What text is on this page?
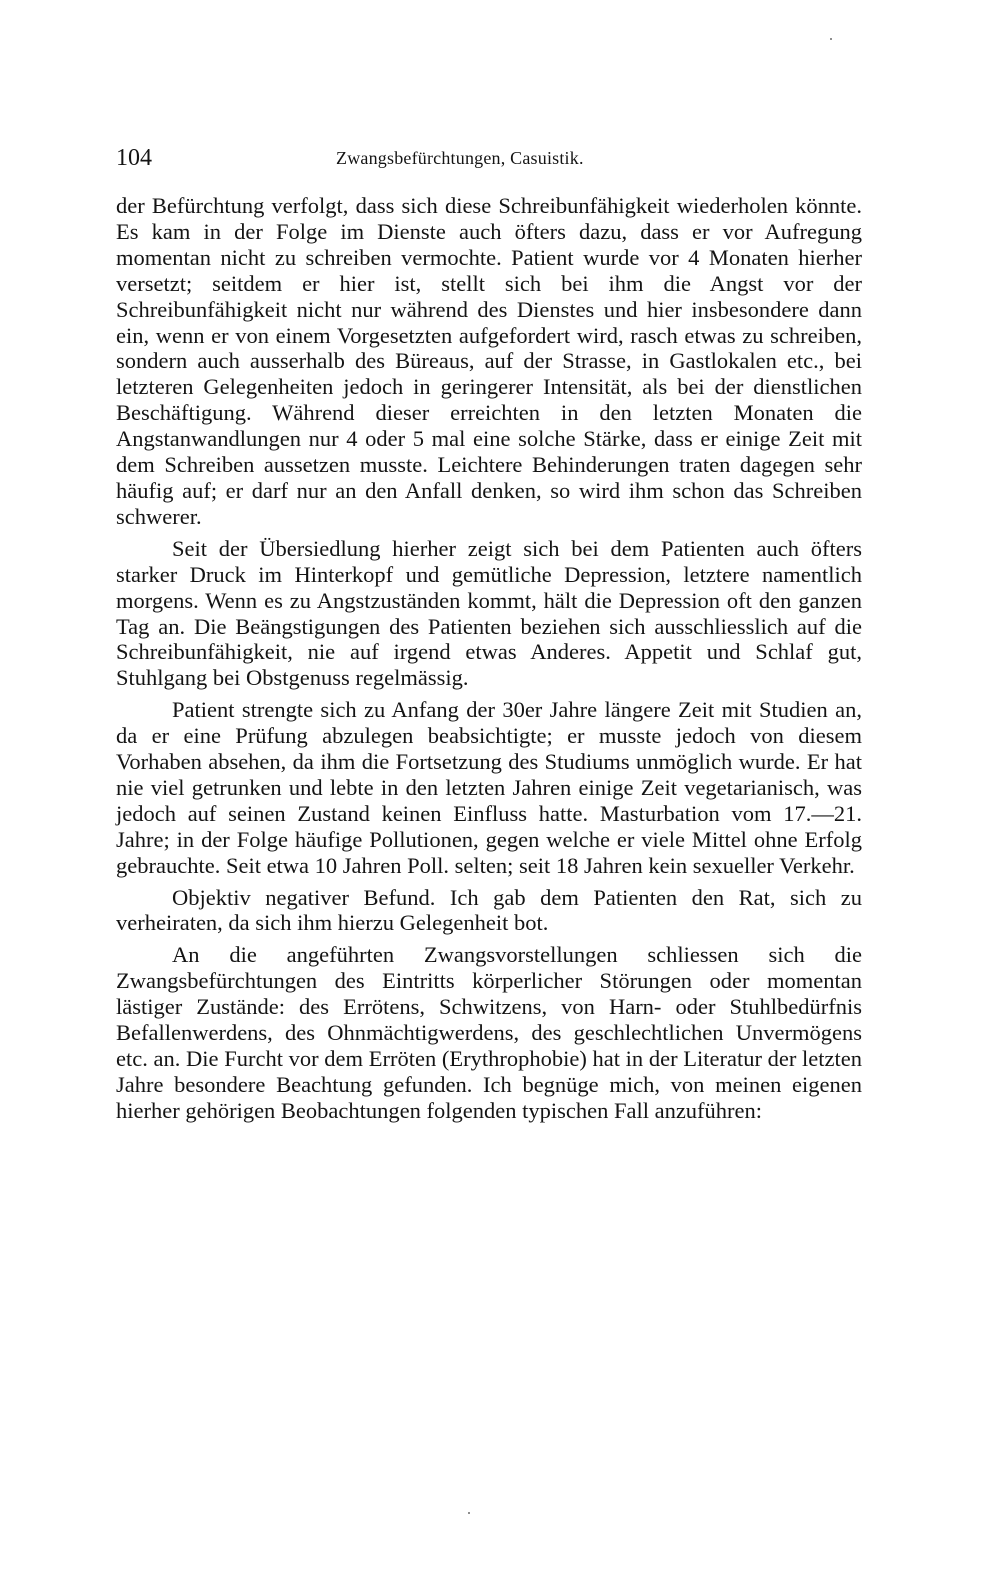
104	Zwangsbefürchtungen, Casuistik.

der Befürchtung verfolgt, dass sich diese Schreibunfähigkeit wiederholen könnte. Es kam in der Folge im Dienste auch öfters dazu, dass er vor Aufregung momentan nicht zu schreiben vermochte. Patient wurde vor 4 Monaten hierher versetzt; seitdem er hier ist, stellt sich bei ihm die Angst vor der Schreibunfähigkeit nicht nur während des Dienstes und hier insbesondere dann ein, wenn er von einem Vorgesetzten aufgefordert wird, rasch etwas zu schreiben, sondern auch ausserhalb des Büreaus, auf der Strasse, in Gastlokalen etc., bei letzteren Gelegenheiten jedoch in geringerer Intensität, als bei der dienstlichen Beschäftigung. Während dieser erreichten in den letzten Monaten die Angstanwandlungen nur 4 oder 5 mal eine solche Stärke, dass er einige Zeit mit dem Schreiben aussetzen musste. Leichtere Behinderungen traten dagegen sehr häufig auf; er darf nur an den Anfall denken, so wird ihm schon das Schreiben schwerer.

Seit der Übersiedlung hierher zeigt sich bei dem Patienten auch öfters starker Druck im Hinterkopf und gemütliche Depression, letztere namentlich morgens. Wenn es zu Angstzuständen kommt, hält die Depression oft den ganzen Tag an. Die Beängstigungen des Patienten beziehen sich ausschliesslich auf die Schreibunfähigkeit, nie auf irgend etwas Anderes. Appetit und Schlaf gut, Stuhlgang bei Obstgenuss regelmässig.

Patient strengte sich zu Anfang der 30er Jahre längere Zeit mit Studien an, da er eine Prüfung abzulegen beabsichtigte; er musste jedoch von diesem Vorhaben absehen, da ihm die Fortsetzung des Studiums unmöglich wurde. Er hat nie viel getrunken und lebte in den letzten Jahren einige Zeit vegetarianisch, was jedoch auf seinen Zustand keinen Einfluss hatte. Masturbation vom 17.—21. Jahre; in der Folge häufige Pollutionen, gegen welche er viele Mittel ohne Erfolg gebrauchte. Seit etwa 10 Jahren Poll. selten; seit 18 Jahren kein sexueller Verkehr.

Objektiv negativer Befund. Ich gab dem Patienten den Rat, sich zu verheiraten, da sich ihm hierzu Gelegenheit bot.

An die angeführten Zwangsvorstellungen schliessen sich die Zwangsbefürchtungen des Eintritts körperlicher Störungen oder momentan lästiger Zustände: des Errötens, Schwitzens, von Harn- oder Stuhlbedürfnis Befallenwerdens, des Ohnmächtigwerdens, des geschlechtlichen Unvermögens etc. an. Die Furcht vor dem Erröten (Erythrophobie) hat in der Literatur der letzten Jahre besondere Beachtung gefunden. Ich begnüge mich, von meinen eigenen hierher gehörigen Beobachtungen folgenden typischen Fall anzuführen:
